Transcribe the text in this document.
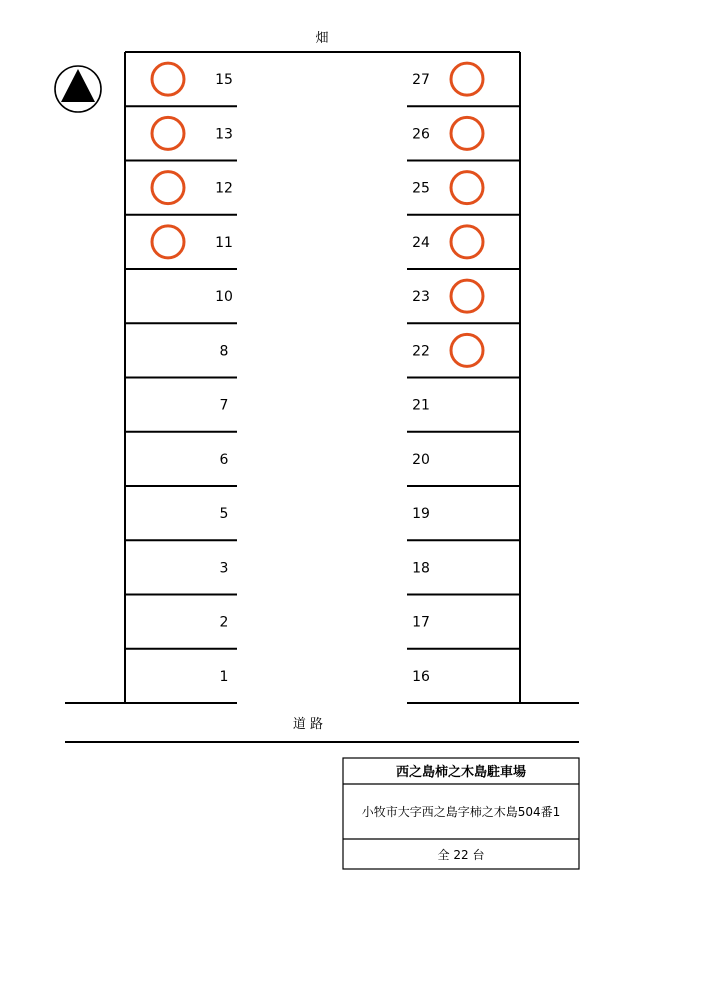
畑
道 路
15
13
12
11
10
8
7
6
5
3
2
1
27
26
25
24
23
22
21
20
19
18
17
16
西之島柿之木島駐車場
小牧市大字西之島字柿之木島504番1
全 22 台
